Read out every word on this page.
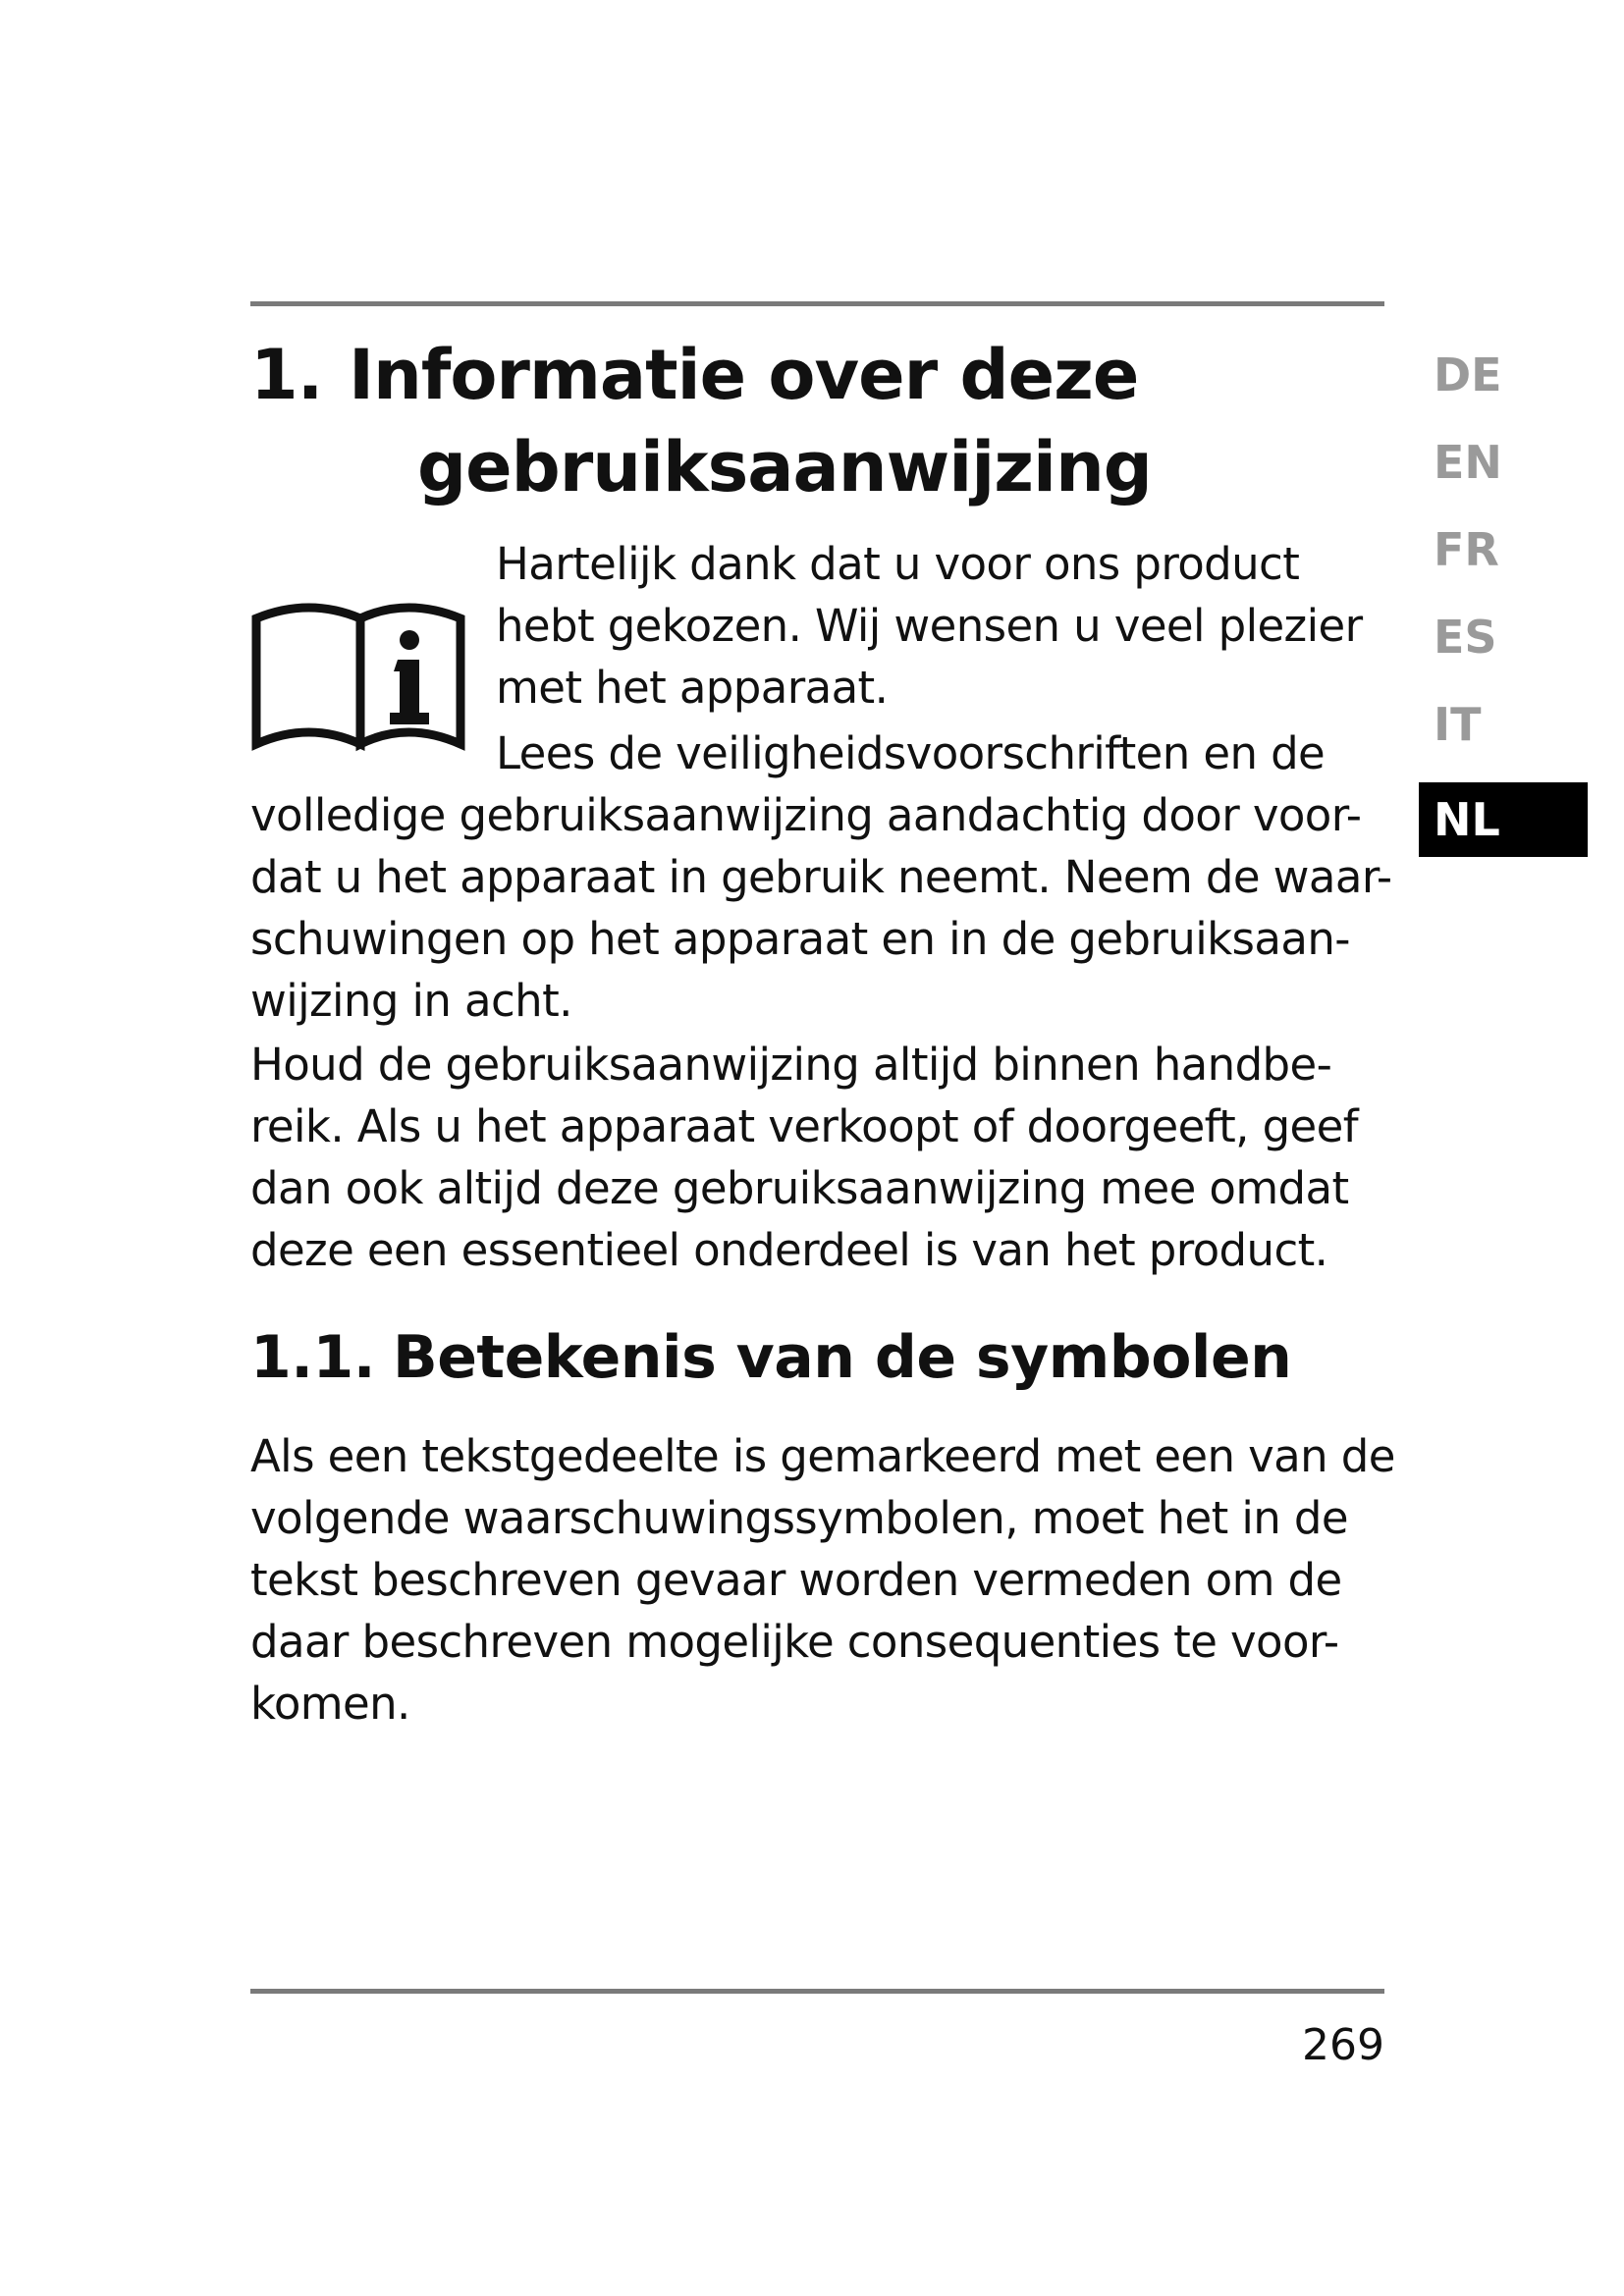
1. Informatie over deze
gebruiksaanwijzing
Hartelijk dank dat u voor ons product
hebt gekozen. Wij wensen u veel plezier
met het apparaat.
Lees de veiligheidsvoorschriften en de
volledige gebruiksaanwijzing aandachtig door voor-
dat u het apparaat in gebruik neemt. Neem de waar-
schuwingen op het apparaat en in de gebruiksaan-
wijzing in acht.
Houd de gebruiksaanwijzing altijd binnen handbe-
reik. Als u het apparaat verkoopt of doorgeeft, geef
dan ook altijd deze gebruiksaanwijzing mee omdat
deze een essentieel onderdeel is van het product.
1.1. Betekenis van de symbolen
Als een tekstgedeelte is gemarkeerd met een van de
volgende waarschuwingssymbolen, moet het in de
tekst beschreven gevaar worden vermeden om de
daar beschreven mogelijke consequenties te voor-
komen.
DE
EN
FR
ES
IT
NL
269
